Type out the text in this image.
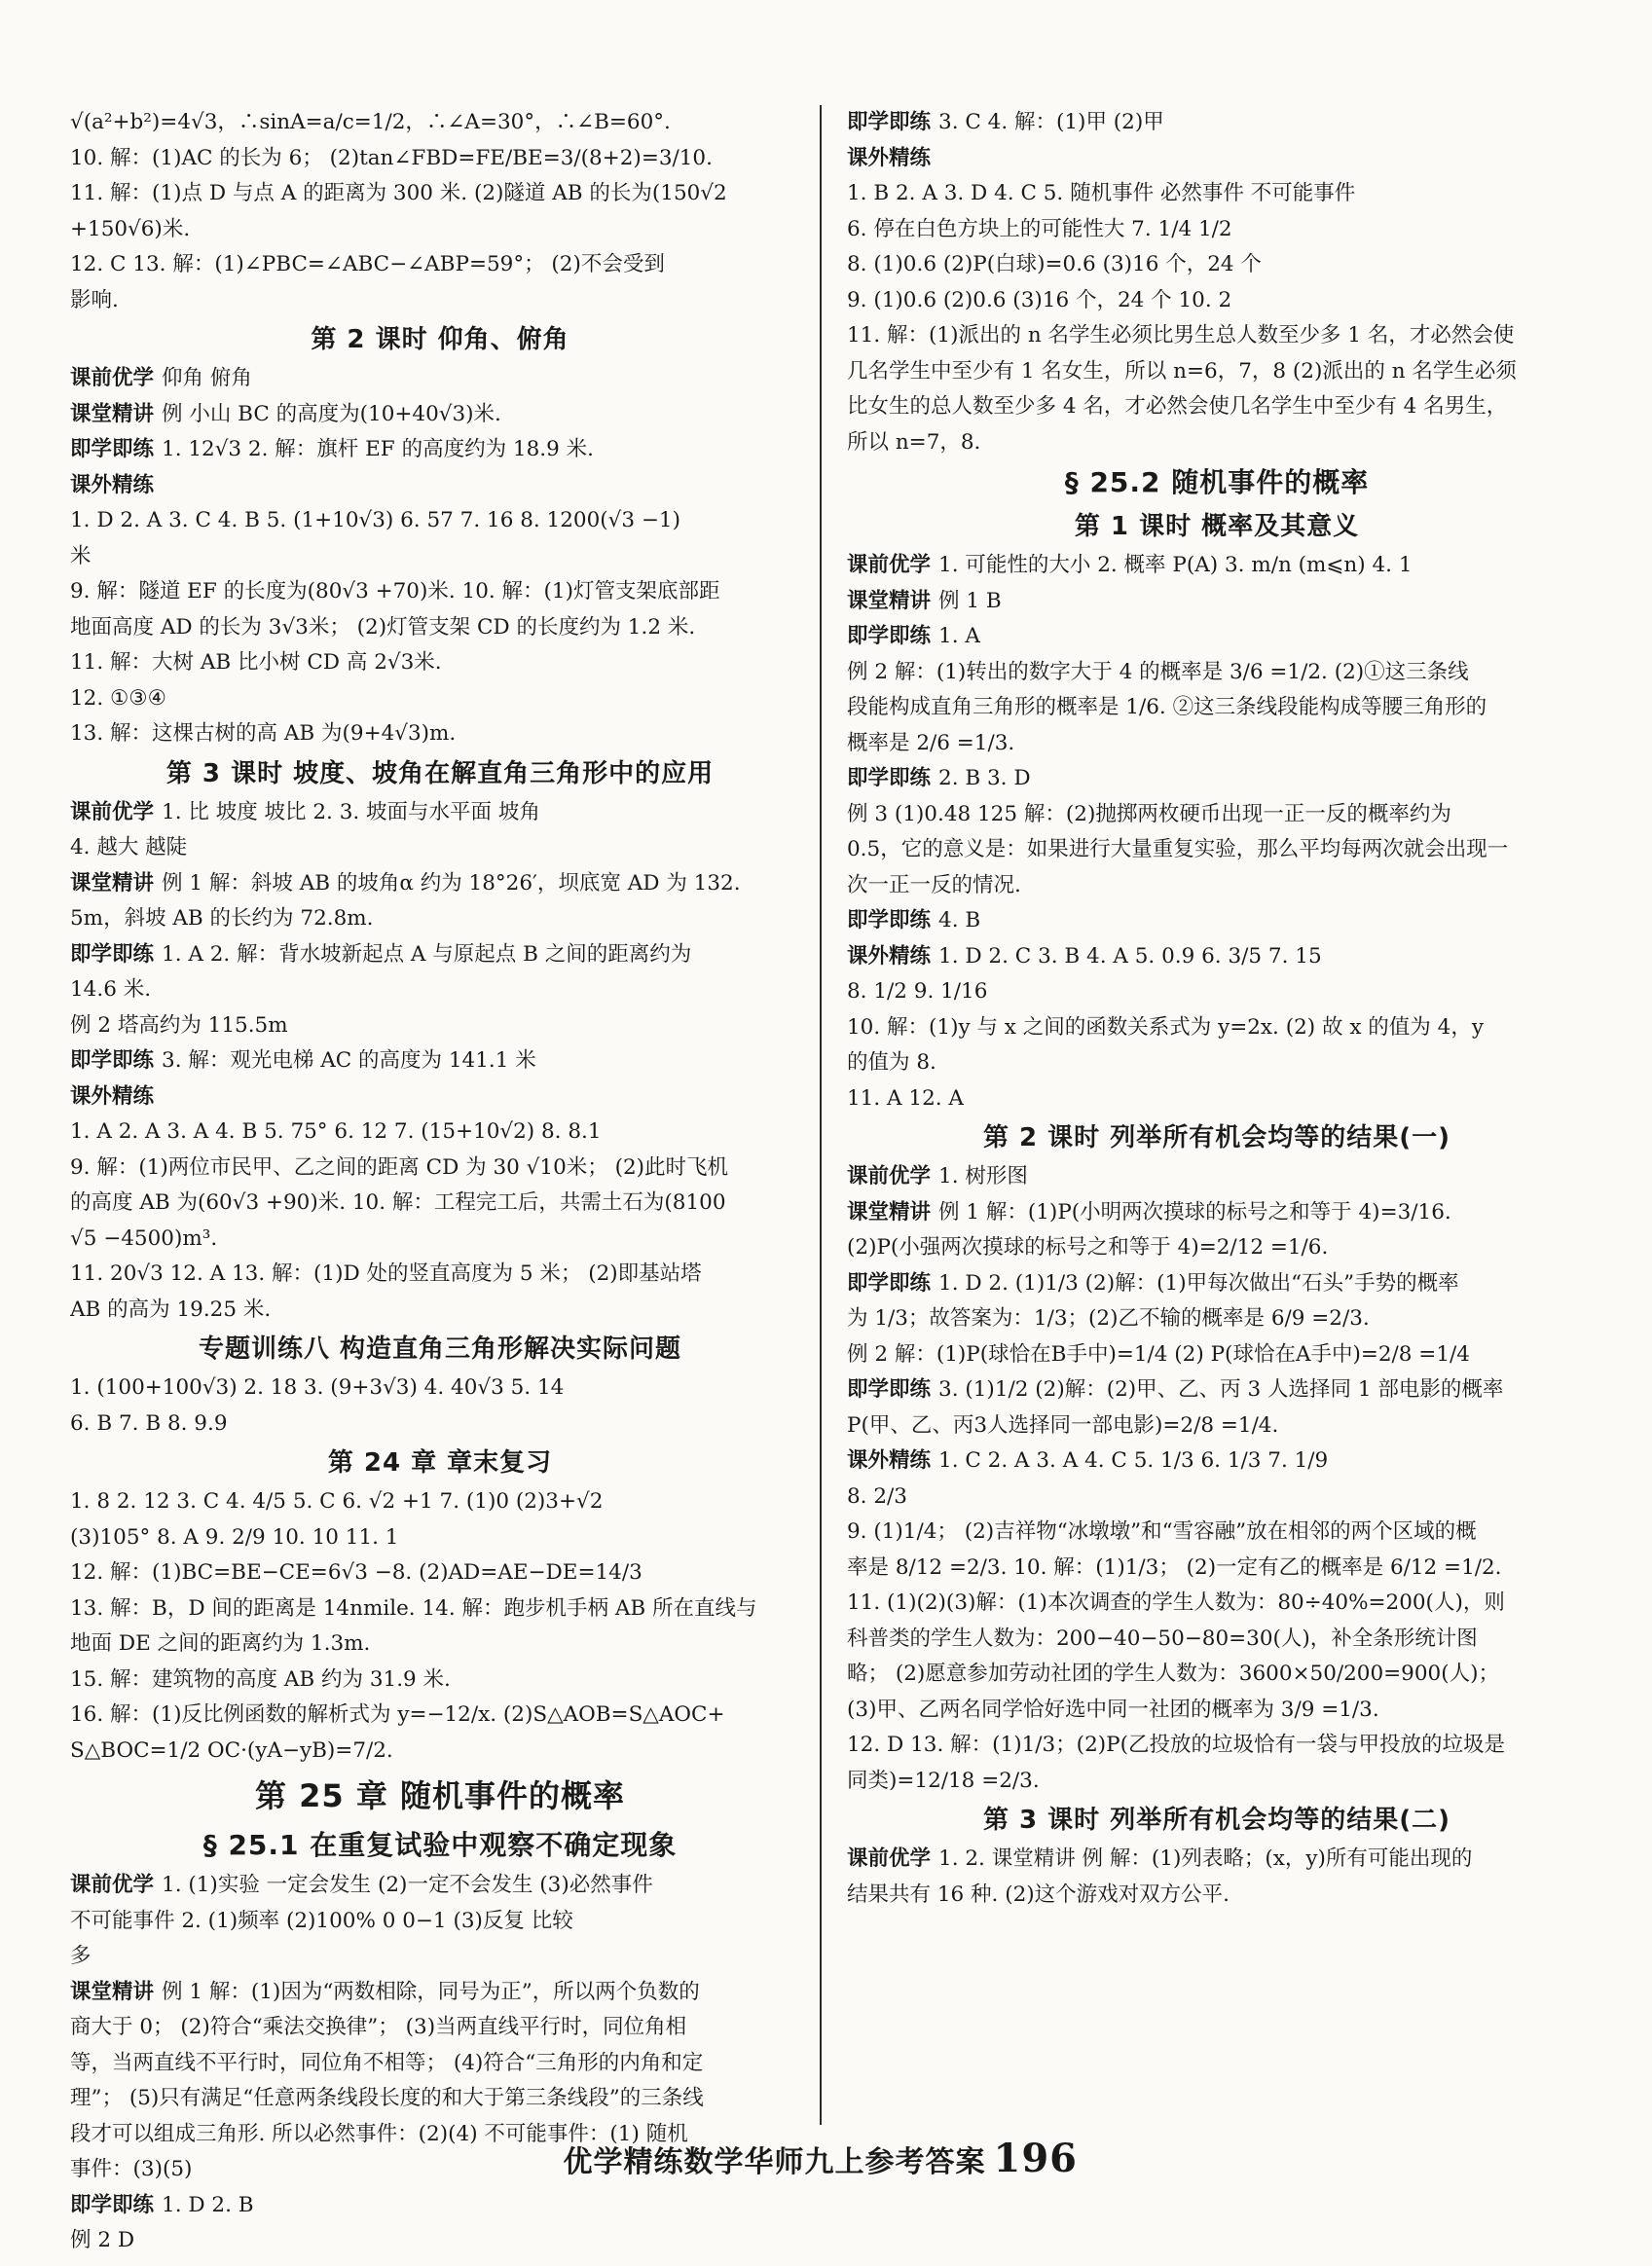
√(a²+b²)=4√3，∴sinA=a/c=1/2，∴∠A=30°，∴∠B=60°.
10. 解：(1)AC 的长为 6； (2)tan∠FBD=FE/BE=3/(8+2)=3/10.
11. 解：(1)点 D 与点 A 的距离为 300 米. (2)隧道 AB 的长为(150√2
+150√6)米.
12. C 13. 解：(1)∠PBC=∠ABC−∠ABP=59°； (2)不会受到
影响.
第 2 课时 仰角、俯角
课前优学 仰角 俯角
课堂精讲 例 小山 BC 的高度为(10+40√3)米.
即学即练 1. 12√3 2. 解：旗杆 EF 的高度约为 18.9 米.
课外精练
1. D 2. A 3. C 4. B 5. (1+10√3) 6. 57 7. 16 8. 1200(√3 −1)
米
9. 解：隧道 EF 的长度为(80√3 +70)米. 10. 解：(1)灯管支架底部距
地面高度 AD 的长为 3√3米； (2)灯管支架 CD 的长度约为 1.2 米.
11. 解：大树 AB 比小树 CD 高 2√3米.
12. ①③④
13. 解：这棵古树的高 AB 为(9+4√3)m.
第 3 课时 坡度、坡角在解直角三角形中的应用
课前优学 1. 比 坡度 坡比 2. 3. 坡面与水平面 坡角
4. 越大 越陡
课堂精讲 例 1 解：斜坡 AB 的坡角α 约为 18°26′，坝底宽 AD 为 132.
5m，斜坡 AB 的长约为 72.8m.
即学即练 1. A 2. 解：背水坡新起点 A 与原起点 B 之间的距离约为
14.6 米.
例 2 塔高约为 115.5m
即学即练 3. 解：观光电梯 AC 的高度为 141.1 米
课外精练
1. A 2. A 3. A 4. B 5. 75° 6. 12 7. (15+10√2) 8. 8.1
9. 解：(1)两位市民甲、乙之间的距离 CD 为 30 √10米； (2)此时飞机
的高度 AB 为(60√3 +90)米. 10. 解：工程完工后，共需土石为(8100
√5 −4500)m³.
11. 20√3 12. A 13. 解：(1)D 处的竖直高度为 5 米； (2)即基站塔
AB 的高为 19.25 米.
专题训练八 构造直角三角形解决实际问题
1. (100+100√3) 2. 18 3. (9+3√3) 4. 40√3 5. 14
6. B 7. B 8. 9.9
第 24 章 章末复习
1. 8 2. 12 3. C 4. 4/5 5. C 6. √2 +1 7. (1)0 (2)3+√2
(3)105° 8. A 9. 2/9 10. 10 11. 1
12. 解：(1)BC=BE−CE=6√3 −8. (2)AD=AE−DE=14/3
13. 解：B，D 间的距离是 14nmile. 14. 解：跑步机手柄 AB 所在直线与
地面 DE 之间的距离约为 1.3m.
15. 解：建筑物的高度 AB 约为 31.9 米.
16. 解：(1)反比例函数的解析式为 y=−12/x. (2)S△AOB=S△AOC+
S△BOC=1/2 OC·(yA−yB)=7/2.
第 25 章 随机事件的概率
§ 25.1 在重复试验中观察不确定现象
课前优学 1. (1)实验 一定会发生 (2)一定不会发生 (3)必然事件
不可能事件 2. (1)频率 (2)100% 0 0−1 (3)反复 比较
多
课堂精讲 例 1 解：(1)因为“两数相除，同号为正”，所以两个负数的
商大于 0； (2)符合“乘法交换律”； (3)当两直线平行时，同位角相
等，当两直线不平行时，同位角不相等； (4)符合“三角形的内角和定
理”； (5)只有满足“任意两条线段长度的和大于第三条线段”的三条线
段才可以组成三角形. 所以必然事件：(2)(4) 不可能事件：(1) 随机
事件：(3)(5)
即学即练 1. D 2. B
例 2 D
即学即练 3. C 4. 解：(1)甲 (2)甲
课外精练
1. B 2. A 3. D 4. C 5. 随机事件 必然事件 不可能事件
6. 停在白色方块上的可能性大 7. 1/4 1/2
8. (1)0.6 (2)P(白球)=0.6 (3)16 个，24 个
9. (1)0.6 (2)0.6 (3)16 个，24 个 10. 2
11. 解：(1)派出的 n 名学生必须比男生总人数至少多 1 名，才必然会使
几名学生中至少有 1 名女生，所以 n=6，7，8 (2)派出的 n 名学生必须
比女生的总人数至少多 4 名，才必然会使几名学生中至少有 4 名男生，
所以 n=7，8.
§ 25.2 随机事件的概率
第 1 课时 概率及其意义
课前优学 1. 可能性的大小 2. 概率 P(A) 3. m/n (m⩽n) 4. 1
课堂精讲 例 1 B
即学即练 1. A
例 2 解：(1)转出的数字大于 4 的概率是 3/6 =1/2. (2)①这三条线
段能构成直角三角形的概率是 1/6. ②这三条线段能构成等腰三角形的
概率是 2/6 =1/3.
即学即练 2. B 3. D
例 3 (1)0.48 125 解：(2)抛掷两枚硬币出现一正一反的概率约为
0.5，它的意义是：如果进行大量重复实验，那么平均每两次就会出现一
次一正一反的情况.
即学即练 4. B
课外精练 1. D 2. C 3. B 4. A 5. 0.9 6. 3/5 7. 15
8. 1/2 9. 1/16
10. 解：(1)y 与 x 之间的函数关系式为 y=2x. (2) 故 x 的值为 4，y
的值为 8.
11. A 12. A
第 2 课时 列举所有机会均等的结果(一)
课前优学 1. 树形图
课堂精讲 例 1 解：(1)P(小明两次摸球的标号之和等于 4)=3/16.
(2)P(小强两次摸球的标号之和等于 4)=2/12 =1/6.
即学即练 1. D 2. (1)1/3 (2)解：(1)甲每次做出“石头”手势的概率
为 1/3；故答案为：1/3；(2)乙不输的概率是 6/9 =2/3.
例 2 解：(1)P(球恰在B手中)=1/4 (2) P(球恰在A手中)=2/8 =1/4
即学即练 3. (1)1/2 (2)解：(2)甲、乙、丙 3 人选择同 1 部电影的概率
P(甲、乙、丙3人选择同一部电影)=2/8 =1/4.
课外精练 1. C 2. A 3. A 4. C 5. 1/3 6. 1/3 7. 1/9
8. 2/3
9. (1)1/4； (2)吉祥物“冰墩墩”和“雪容融”放在相邻的两个区域的概
率是 8/12 =2/3. 10. 解：(1)1/3； (2)一定有乙的概率是 6/12 =1/2.
11. (1)(2)(3)解：(1)本次调查的学生人数为：80÷40%=200(人)，则
科普类的学生人数为：200−40−50−80=30(人)，补全条形统计图
略； (2)愿意参加劳动社团的学生人数为：3600×50/200=900(人)；
(3)甲、乙两名同学恰好选中同一社团的概率为 3/9 =1/3.
12. D 13. 解：(1)1/3；(2)P(乙投放的垃圾恰有一袋与甲投放的垃圾是
同类)=12/18 =2/3.
第 3 课时 列举所有机会均等的结果(二)
课前优学 1. 2. 课堂精讲 例 解：(1)列表略；(x，y)所有可能出现的
结果共有 16 种. (2)这个游戏对双方公平.
优学精练数学华师九上参考答案 196
